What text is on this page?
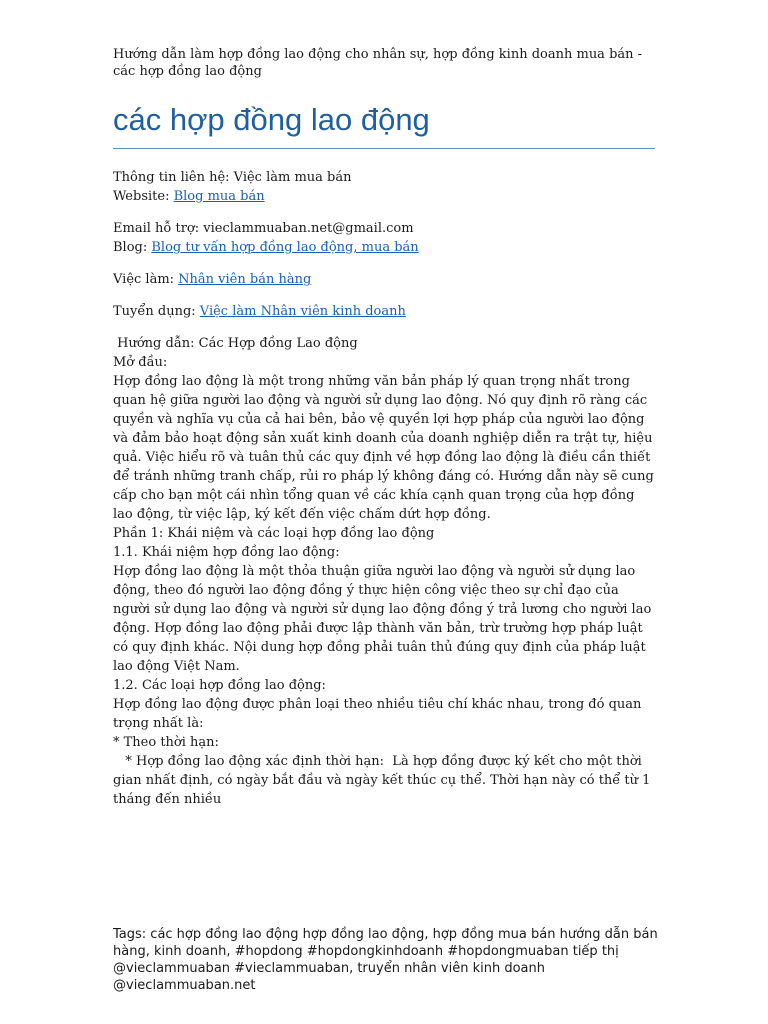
Hướng dẫn làm hợp đồng lao động cho nhân sự, hợp đồng kinh doanh mua bán - các hợp đồng lao động

các hợp đồng lao động

Thông tin liên hệ: Việc làm mua bán

Website: Blog mua bán

Email hỗ trợ: vieclammuaban.net@gmail.com

Blog: Blog tư vấn hợp đồng lao động, mua bán

Việc làm: Nhân viên bán hàng

Tuyển dụng: Việc làm Nhân viên kinh doanh

Hướng dẫn: Các Hợp đồng Lao động

Mở đầu:

Hợp đồng lao động là một trong những văn bản pháp lý quan trọng nhất trong quan hệ giữa người lao động và người sử dụng lao động. Nó quy định rõ ràng các quyền và nghĩa vụ của cả hai bên, bảo vệ quyền lợi hợp pháp của người lao động và đảm bảo hoạt động sản xuất kinh doanh của doanh nghiệp diễn ra trật tự, hiệu quả. Việc hiểu rõ và tuân thủ các quy định về hợp đồng lao động là điều cần thiết để tránh những tranh chấp, rủi ro pháp lý không đáng có. Hướng dẫn này sẽ cung cấp cho bạn một cái nhìn tổng quan về các khía cạnh quan trọng của hợp đồng lao động, từ việc lập, ký kết đến việc chấm dứt hợp đồng.

Phần 1: Khái niệm và các loại hợp đồng lao động

1.1. Khái niệm hợp đồng lao động:

Hợp đồng lao động là một thỏa thuận giữa người lao động và người sử dụng lao động, theo đó người lao động đồng ý thực hiện công việc theo sự chỉ đạo của người sử dụng lao động và người sử dụng lao động đồng ý trả lương cho người lao động. Hợp đồng lao động phải được lập thành văn bản, trừ trường hợp pháp luật có quy định khác. Nội dung hợp đồng phải tuân thủ đúng quy định của pháp luật lao động Việt Nam.

1.2. Các loại hợp đồng lao động:

Hợp đồng lao động được phân loại theo nhiều tiêu chí khác nhau, trong đó quan trọng nhất là:

* Theo thời hạn:

* Hợp đồng lao động xác định thời hạn:  Là hợp đồng được ký kết cho một thời gian nhất định, có ngày bắt đầu và ngày kết thúc cụ thể. Thời hạn này có thể từ 1 tháng đến nhiều

Tags: các hợp đồng lao động hợp đồng lao động, hợp đồng mua bán hướng dẫn bán hàng, kinh doanh, #hopdong #hopdongkinhdoanh #hopdongmuaban tiếp thị @vieclammuaban #vieclammuaban, truyển nhân viên kinh doanh @vieclammuaban.net
